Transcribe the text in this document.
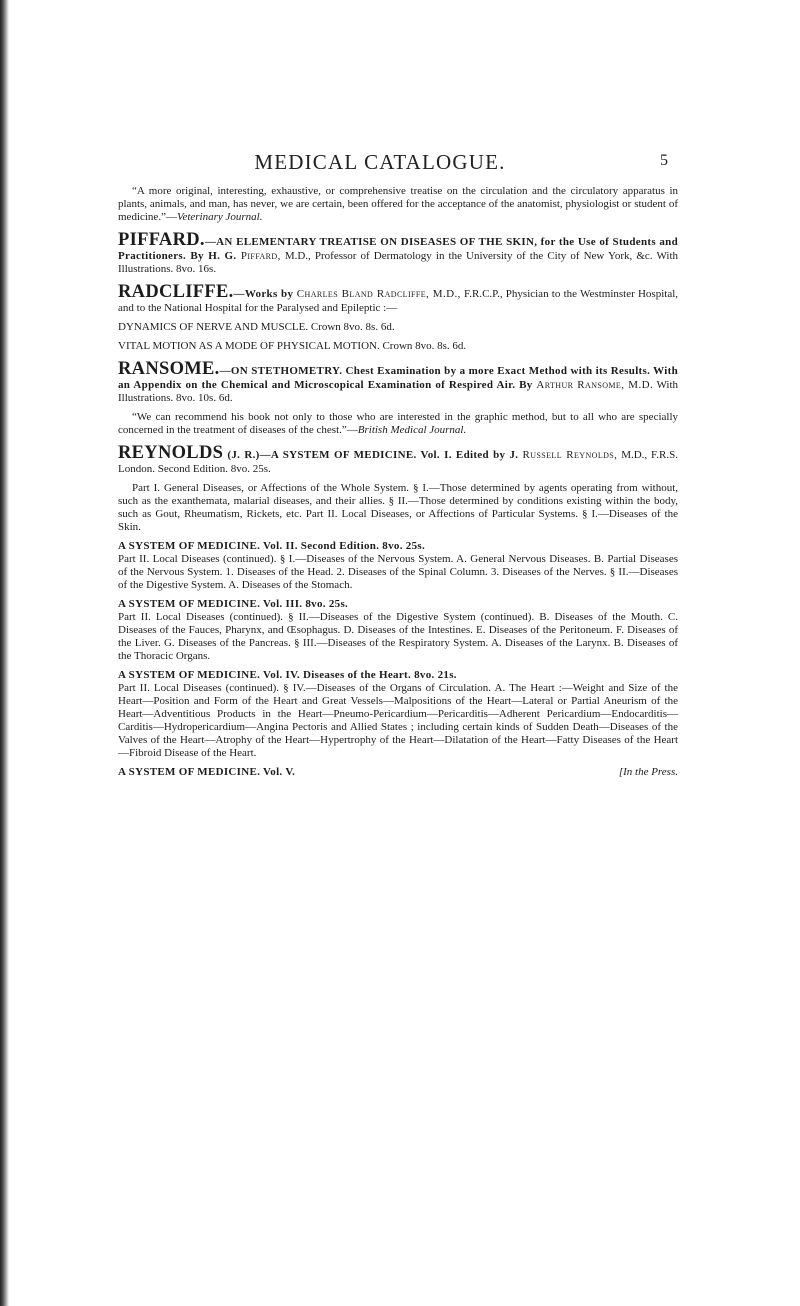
MEDICAL CATALOGUE.	5

“A more original, interesting, exhaustive, or comprehensive treatise on the circulation and the circulatory apparatus in plants, animals, and man, has never, we are certain, been offered for the acceptance of the anatomist, physiologist or student of medicine.”—Veterinary Journal.

PIFFARD.—AN ELEMENTARY TREATISE ON DISEASES OF THE SKIN, for the Use of Students and Practitioners. By H. G. Piffard, M.D., Professor of Dermatology in the University of the City of New York, &c. With Illustrations. 8vo. 16s.

RADCLIFFE.—Works by Charles Bland Radcliffe, M.D., F.R.C.P., Physician to the Westminster Hospital, and to the National Hospital for the Paralysed and Epileptic :—

DYNAMICS OF NERVE AND MUSCLE. Crown 8vo. 8s. 6d.

VITAL MOTION AS A MODE OF PHYSICAL MOTION. Crown 8vo. 8s. 6d.

RANSOME.—ON STETHOMETRY. Chest Examination by a more Exact Method with its Results. With an Appendix on the Chemical and Microscopical Examination of Respired Air. By Arthur Ransome, M.D. With Illustrations. 8vo. 10s. 6d.

“We can recommend his book not only to those who are interested in the graphic method, but to all who are specially concerned in the treatment of diseases of the chest.”—British Medical Journal.

REYNOLDS (J. R.)—A SYSTEM OF MEDICINE. Vol. I. Edited by J. Russell Reynolds, M.D., F.R.S. London. Second Edition. 8vo. 25s.

Part I. General Diseases, or Affections of the Whole System. § I.—Those determined by agents operating from without, such as the exanthemata, malarial diseases, and their allies. § II.—Those determined by conditions existing within the body, such as Gout, Rheumatism, Rickets, etc. Part II. Local Diseases, or Affections of Particular Systems. § I.—Diseases of the Skin.

A SYSTEM OF MEDICINE. Vol. II. Second Edition. 8vo. 25s.
Part II. Local Diseases (continued). § I.—Diseases of the Nervous System. A. General Nervous Diseases. B. Partial Diseases of the Nervous System. 1. Diseases of the Head. 2. Diseases of the Spinal Column. 3. Diseases of the Nerves. § II.—Diseases of the Digestive System. A. Diseases of the Stomach.

A SYSTEM OF MEDICINE. Vol. III. 8vo. 25s.
Part II. Local Diseases (continued). § II.—Diseases of the Digestive System (continued). B. Diseases of the Mouth. C. Diseases of the Fauces, Pharynx, and Œsophagus. D. Diseases of the Intestines. E. Diseases of the Peritoneum. F. Diseases of the Liver. G. Diseases of the Pancreas. § III.—Diseases of the Respiratory System. A. Diseases of the Larynx. B. Diseases of the Thoracic Organs.

A SYSTEM OF MEDICINE. Vol. IV. Diseases of the Heart. 8vo. 21s.
Part II. Local Diseases (continued). § IV.—Diseases of the Organs of Circulation. A. The Heart :—Weight and Size of the Heart—Position and Form of the Heart and Great Vessels—Malpositions of the Heart—Lateral or Partial Aneurism of the Heart—Adventitious Products in the Heart—Pneumo-Pericardium—Pericarditis—Adherent Pericardium—Endocarditis—Carditis—Hydropericardium—Angina Pectoris and Allied States ; including certain kinds of Sudden Death—Diseases of the Valves of the Heart—Atrophy of the Heart—Hypertrophy of the Heart—Dilatation of the Heart—Fatty Diseases of the Heart—Fibroid Disease of the Heart.

A SYSTEM OF MEDICINE. Vol. V.	[In the Press.
